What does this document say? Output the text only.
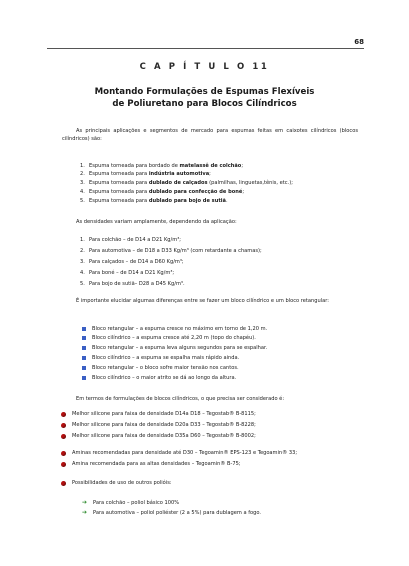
68
C A P Í T U L O 11
Montando Formulações de Espumas Flexíveis
de Poliuretano para Blocos Cilíndricos
As principais aplicações e segmentos de mercado para espumas feitas em caixotes cilíndricos (blocos cilíndricos) são:
1. Espuma torneada para bordado de matelassê de colchão;
2. Espuma torneada para indústria automotiva;
3. Espuma torneada para dublado de calçados (palmilhas, linguetas,tênis, etc.);
4. Espuma torneada para dublado para confecção de boné;
5. Espuma torneada para dublado para bojo de sutiã.
As densidades variam amplamente, dependendo da aplicação:
1. Para colchão – de D14 a D21 Kg/m³;
2. Para automotiva – de D18 a D33 Kg/m³ (com retardante a chamas);
3. Para calçados – de D14 a D60 Kg/m³;
4. Para boné – de D14 a D21 Kg/m³;
5. Para bojo de sutiã– D28 a D45 Kg/m³.
É importante elucidar algumas diferenças entre se fazer um bloco cilíndrico e um bloco retangular:
Bloco retangular – a espuma cresce no máximo em torno de 1,20 m.
Bloco cilíndrico – a espuma cresce até 2,20 m (topo do chapéu).
Bloco retangular – a espuma leva alguns segundos para se espalhar.
Bloco cilíndrico – a espuma se espalha mais rápido ainda.
Bloco retangular – o bloco sofre maior tensão nos cantos.
Bloco cilíndrico – o maior atrito se dá ao longo da altura.
Em termos de formulações de blocos cilíndricos, o que precisa ser considerado é:
Melhor silicone para faixa de densidade D14a D18 – Tegostab® B-8115;
Melhor silicone para faixa de densidade D20a D33 – Tegostab® B-8228;
Melhor silicone para faixa de densidade D35a D60 – Tegostab® B-8002;
Aminas recomendadas para densidade até D30 – Tegoamin® EPS-123 e Tegoamin® 33;
Amina recomendada para as altas densidades – Tegoamin® B-75;
Possibilidades de uso de outros polióis:
➔ Para colchão – poliol básico 100%
➔ Para automotiva – poliol poliéster (2 a 5%) para dublagem a fogo.
